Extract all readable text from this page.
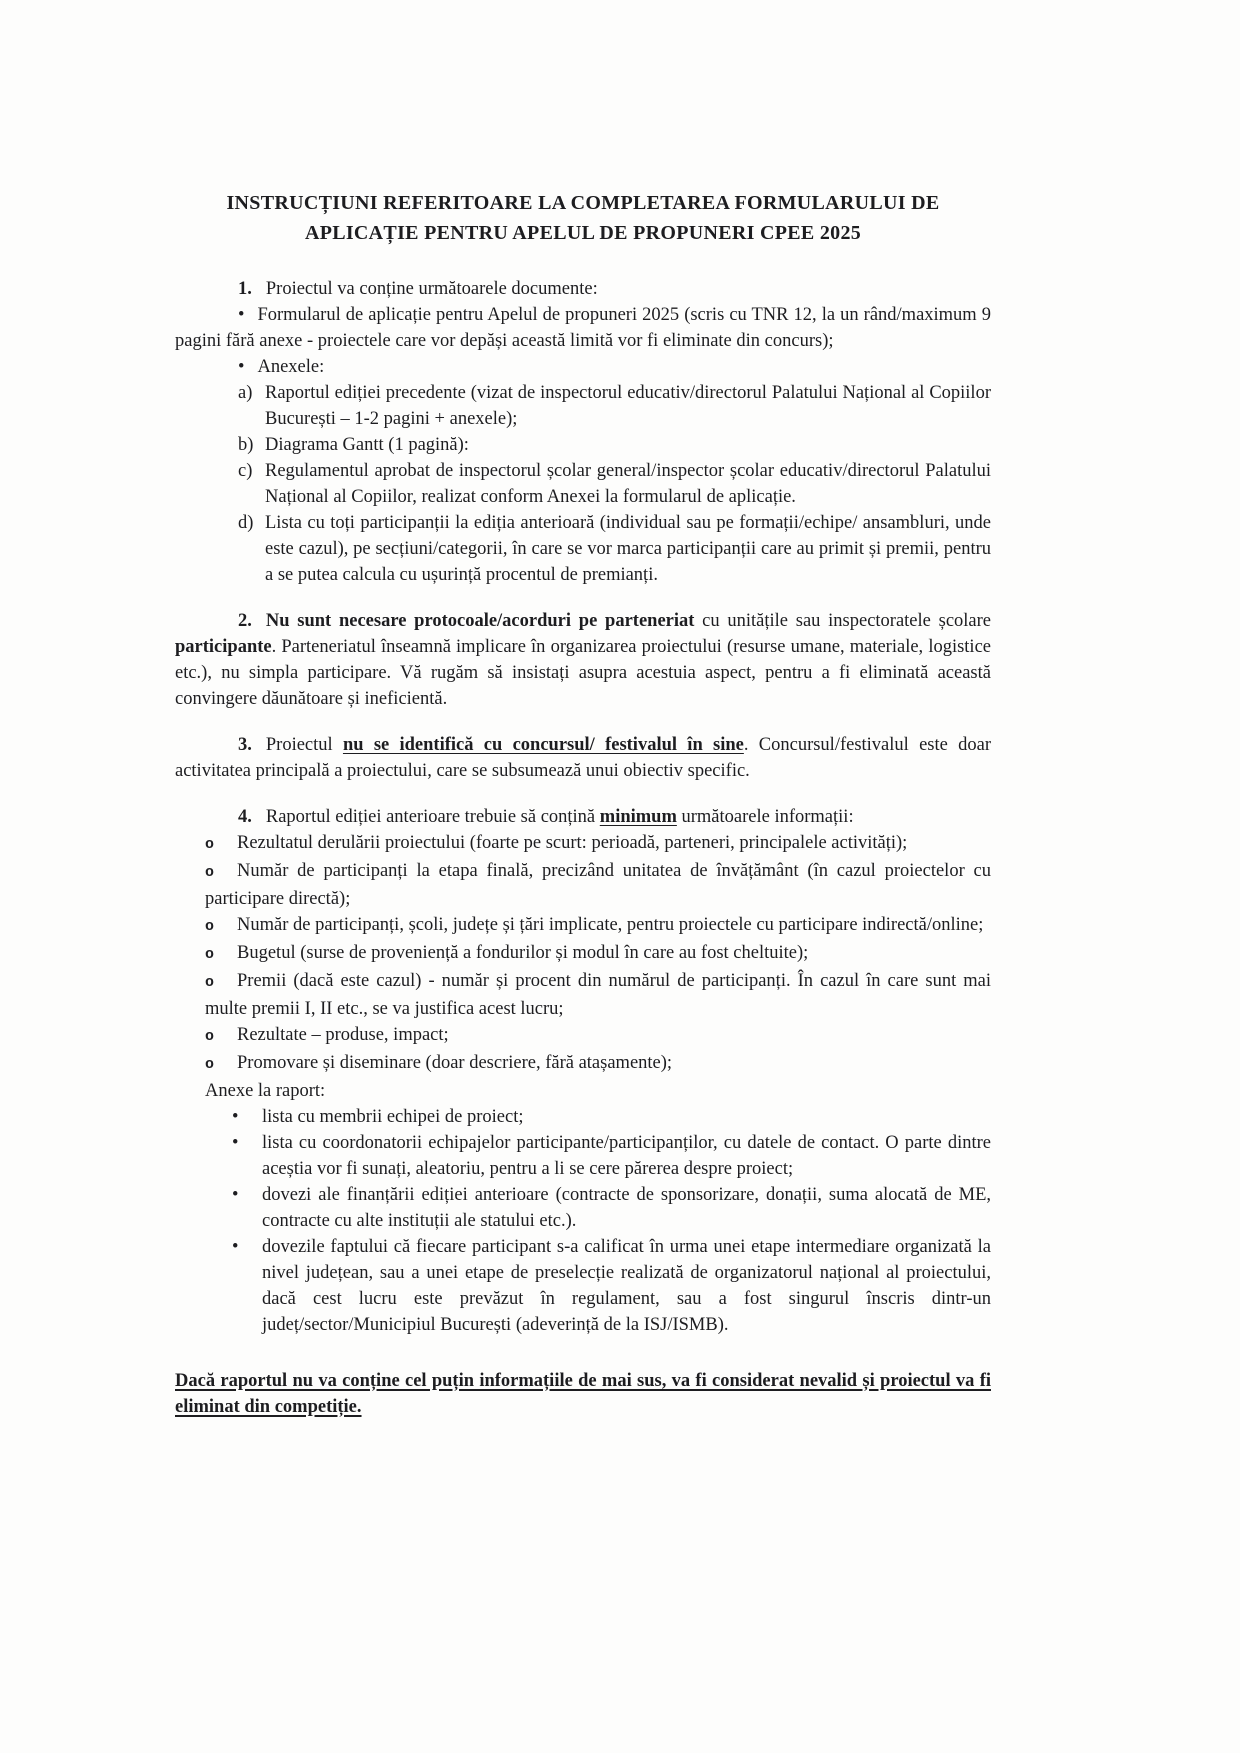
INSTRUCȚIUNI REFERITOARE LA COMPLETAREA FORMULARULUI DE
APLICAȚIE PENTRU APELUL DE PROPUNERI CPEE 2025
1. Proiectul va conține următoarele documente:
• Formularul de aplicație pentru Apelul de propuneri 2025 (scris cu TNR 12, la un rând/maximum 9 pagini fără anexe - proiectele care vor depăși această limită vor fi eliminate din concurs);
• Anexele:
a) Raportul ediției precedente (vizat de inspectorul educativ/directorul Palatului Național al Copiilor București – 1-2 pagini + anexele);
b) Diagrama Gantt (1 pagină):
c) Regulamentul aprobat de inspectorul școlar general/inspector școlar educativ/directorul Palatului Național al Copiilor, realizat conform Anexei la formularul de aplicație.
d) Lista cu toți participanții la ediția anterioară (individual sau pe formații/echipe/ ansambluri, unde este cazul), pe secțiuni/categorii, în care se vor marca participanții care au primit și premii, pentru a se putea calcula cu ușurință procentul de premianți.
2. Nu sunt necesare protocoale/acorduri pe parteneriat cu unitățile sau inspectoratele școlare participante. Parteneriatul înseamnă implicare în organizarea proiectului (resurse umane, materiale, logistice etc.), nu simpla participare. Vă rugăm să insistați asupra acestuia aspect, pentru a fi eliminată această convingere dăunătoare și ineficientă.
3. Proiectul nu se identifică cu concursul/ festivalul în sine. Concursul/festivalul este doar activitatea principală a proiectului, care se subsumează unui obiectiv specific.
4. Raportul ediției anterioare trebuie să conțină minimum următoarele informații:
o Rezultatul derulării proiectului (foarte pe scurt: perioadă, parteneri, principalele activități);
o Număr de participanți la etapa finală, precizând unitatea de învățământ (în cazul proiectelor cu participare directă);
o Număr de participanți, școli, județe și țări implicate, pentru proiectele cu participare indirectă/online;
o Bugetul (surse de proveniență a fondurilor și modul în care au fost cheltuite);
o Premii (dacă este cazul) - număr și procent din numărul de participanți. În cazul în care sunt mai multe premii I, II etc., se va justifica acest lucru;
o Rezultate – produse, impact;
o Promovare și diseminare (doar descriere, fără atașamente);
Anexe la raport:
• lista cu membrii echipei de proiect;
• lista cu coordonatorii echipajelor participante/participanților, cu datele de contact. O parte dintre aceștia vor fi sunați, aleatoriu, pentru a li se cere părerea despre proiect;
• dovezi ale finanțării ediției anterioare (contracte de sponsorizare, donații, suma alocată de ME, contracte cu alte instituții ale statului etc.).
• dovezile faptului că fiecare participant s-a calificat în urma unei etape intermediare organizată la nivel județean, sau a unei etape de preselecție realizată de organizatorul național al proiectului, dacă cest lucru este prevăzut în regulament, sau a fost singurul înscris dintr-un județ/sector/Municipiul București (adeverință de la ISJ/ISMB).
Dacă raportul nu va conține cel puțin informațiile de mai sus, va fi considerat nevalid și proiectul va fi eliminat din competiție.
